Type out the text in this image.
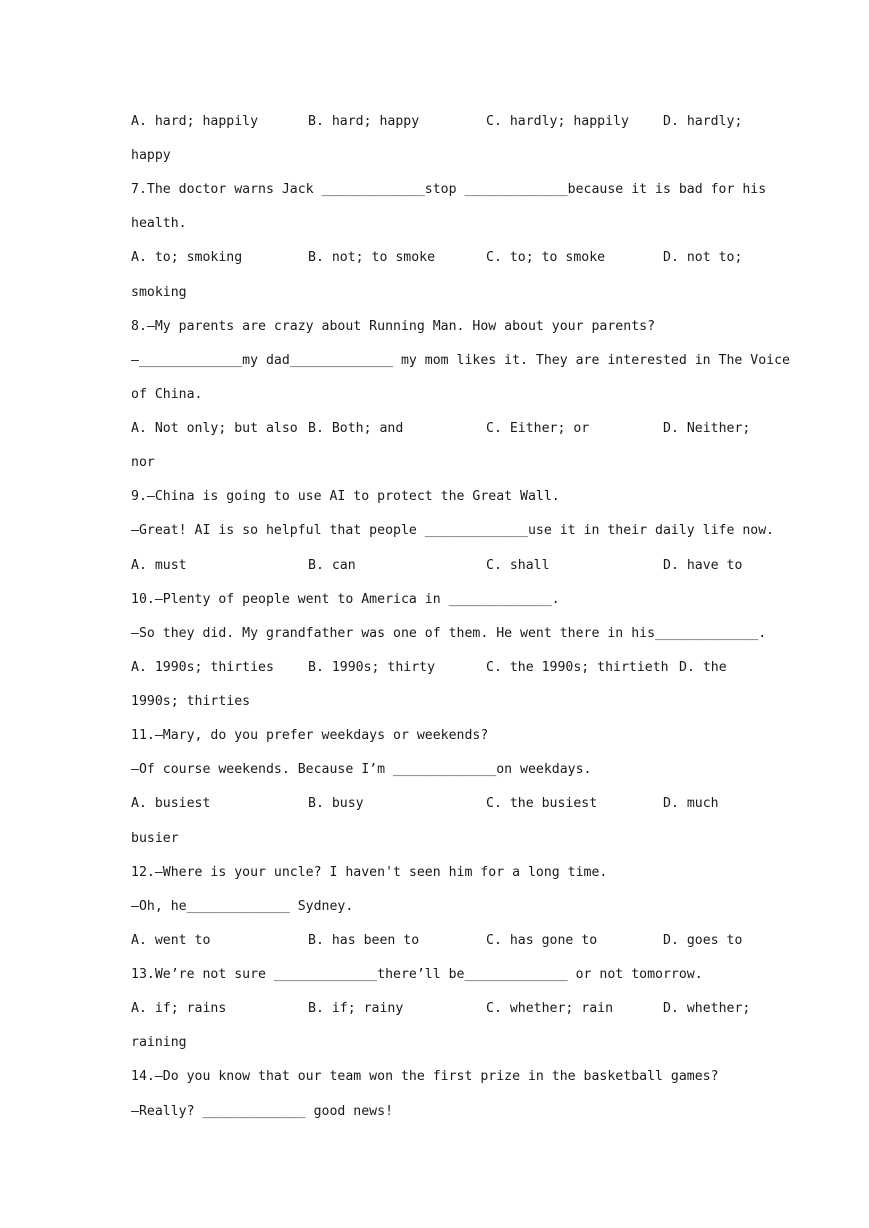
A. hard; happily	B. hard; happy	C. hardly; happily	D. hardly;
happy
7.The doctor warns Jack _____________stop _____________because it is bad for his
health.
A. to; smoking	B. not; to smoke	C. to; to smoke	D. not to;
smoking
8.—My parents are crazy about Running Man. How about your parents?
—_____________my dad_____________ my mom likes it. They are interested in The Voice
of China.
A. Not only; but also B. Both; and	C. Either; or	D. Neither;
nor
9.—China is going to use AI to protect the Great Wall.
—Great! AI is so helpful that people _____________use it in their daily life now.
A. must	B. can	C. shall	D. have to
10.—Plenty of people went to America in _____________.
—So they did. My grandfather was one of them. He went there in his_____________.
A. 1990s; thirties	B. 1990s; thirty	C. the 1990s; thirtieth D. the
1990s; thirties
11.—Mary, do you prefer weekdays or weekends?
—Of course weekends. Because I’m _____________on weekdays.
A. busiest	B. busy	C. the busiest	D. much
busier
12.—Where is your uncle? I haven't seen him for a long time.
—Oh, he_____________ Sydney.
A. went to	B. has been to	C. has gone to	D. goes to
13.We’re not sure _____________there’ll be_____________ or not tomorrow.
A. if; rains	B. if; rainy	C. whether; rain	D. whether;
raining
14.—Do you know that our team won the first prize in the basketball games?
—Really? _____________ good news!
